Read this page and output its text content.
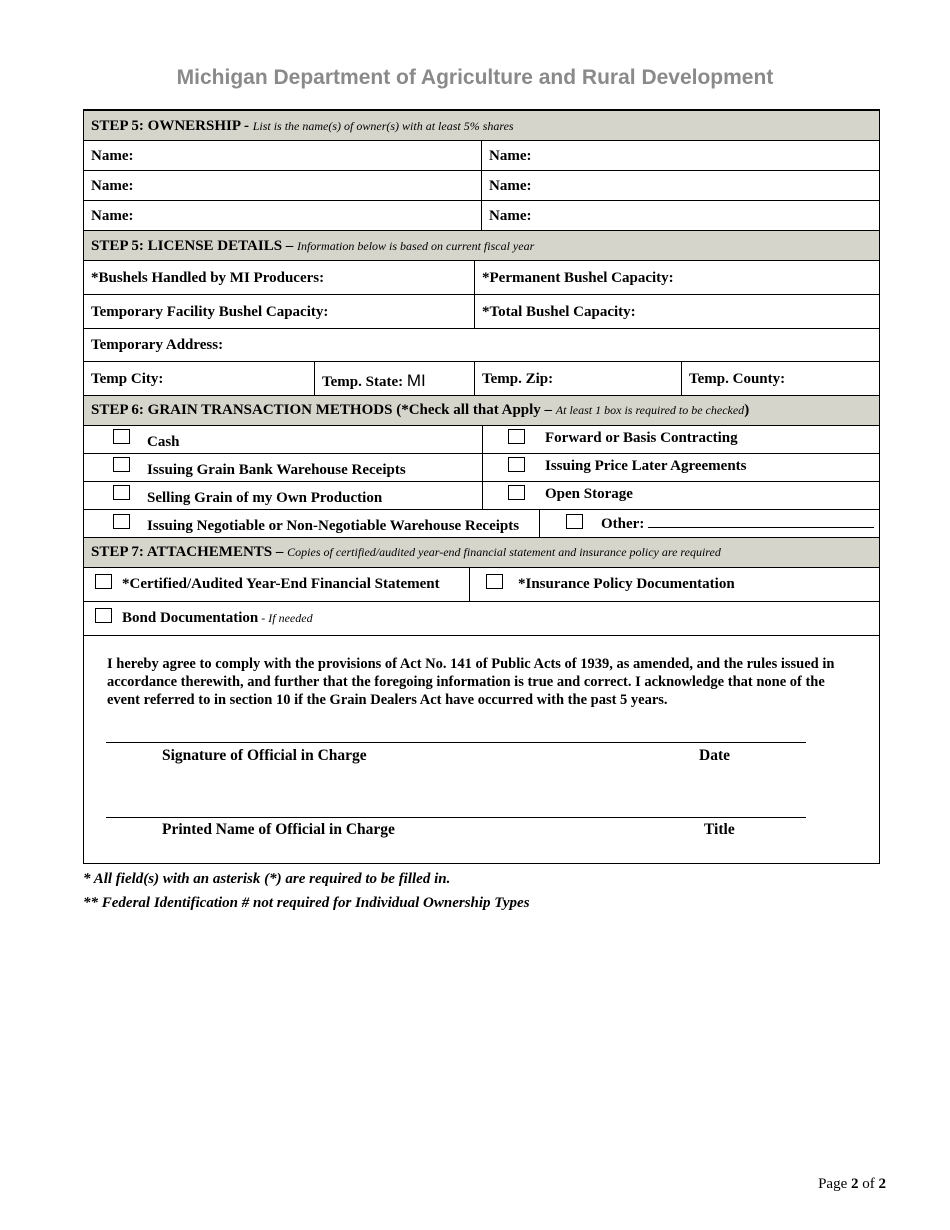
Michigan Department of Agriculture and Rural Development
STEP 5: OWNERSHIP - List is the name(s) of owner(s) with at least 5% shares
Name:	Name:
Name:	Name:
Name:	Name:
STEP 5: LICENSE DETAILS – Information below is based on current fiscal year
*Bushels Handled by MI Producers:	*Permanent Bushel Capacity:
Temporary Facility Bushel Capacity:	*Total Bushel Capacity:
Temporary Address:
Temp City:	Temp. State: MI	Temp. Zip:	Temp. County:
STEP 6: GRAIN TRANSACTION METHODS (*Check all that Apply – At least 1 box is required to be checked)
Cash	Forward or Basis Contracting
Issuing Grain Bank Warehouse Receipts	Issuing Price Later Agreements
Selling Grain of my Own Production	Open Storage
Issuing Negotiable or Non-Negotiable Warehouse Receipts	Other:
STEP 7: ATTACHEMENTS – Copies of certified/audited year-end financial statement and insurance policy are required
*Certified/Audited Year-End Financial Statement	*Insurance Policy Documentation
Bond Documentation - If needed
I hereby agree to comply with the provisions of Act No. 141 of Public Acts of 1939, as amended, and the rules issued in accordance therewith, and further that the foregoing information is true and correct. I acknowledge that none of the event referred to in section 10 if the Grain Dealers Act have occurred with the past 5 years.
Signature of Official in Charge	Date
Printed Name of Official in Charge	Title
* All field(s) with an asterisk (*) are required to be filled in.
** Federal Identification # not required for Individual Ownership Types
Page 2 of 2
